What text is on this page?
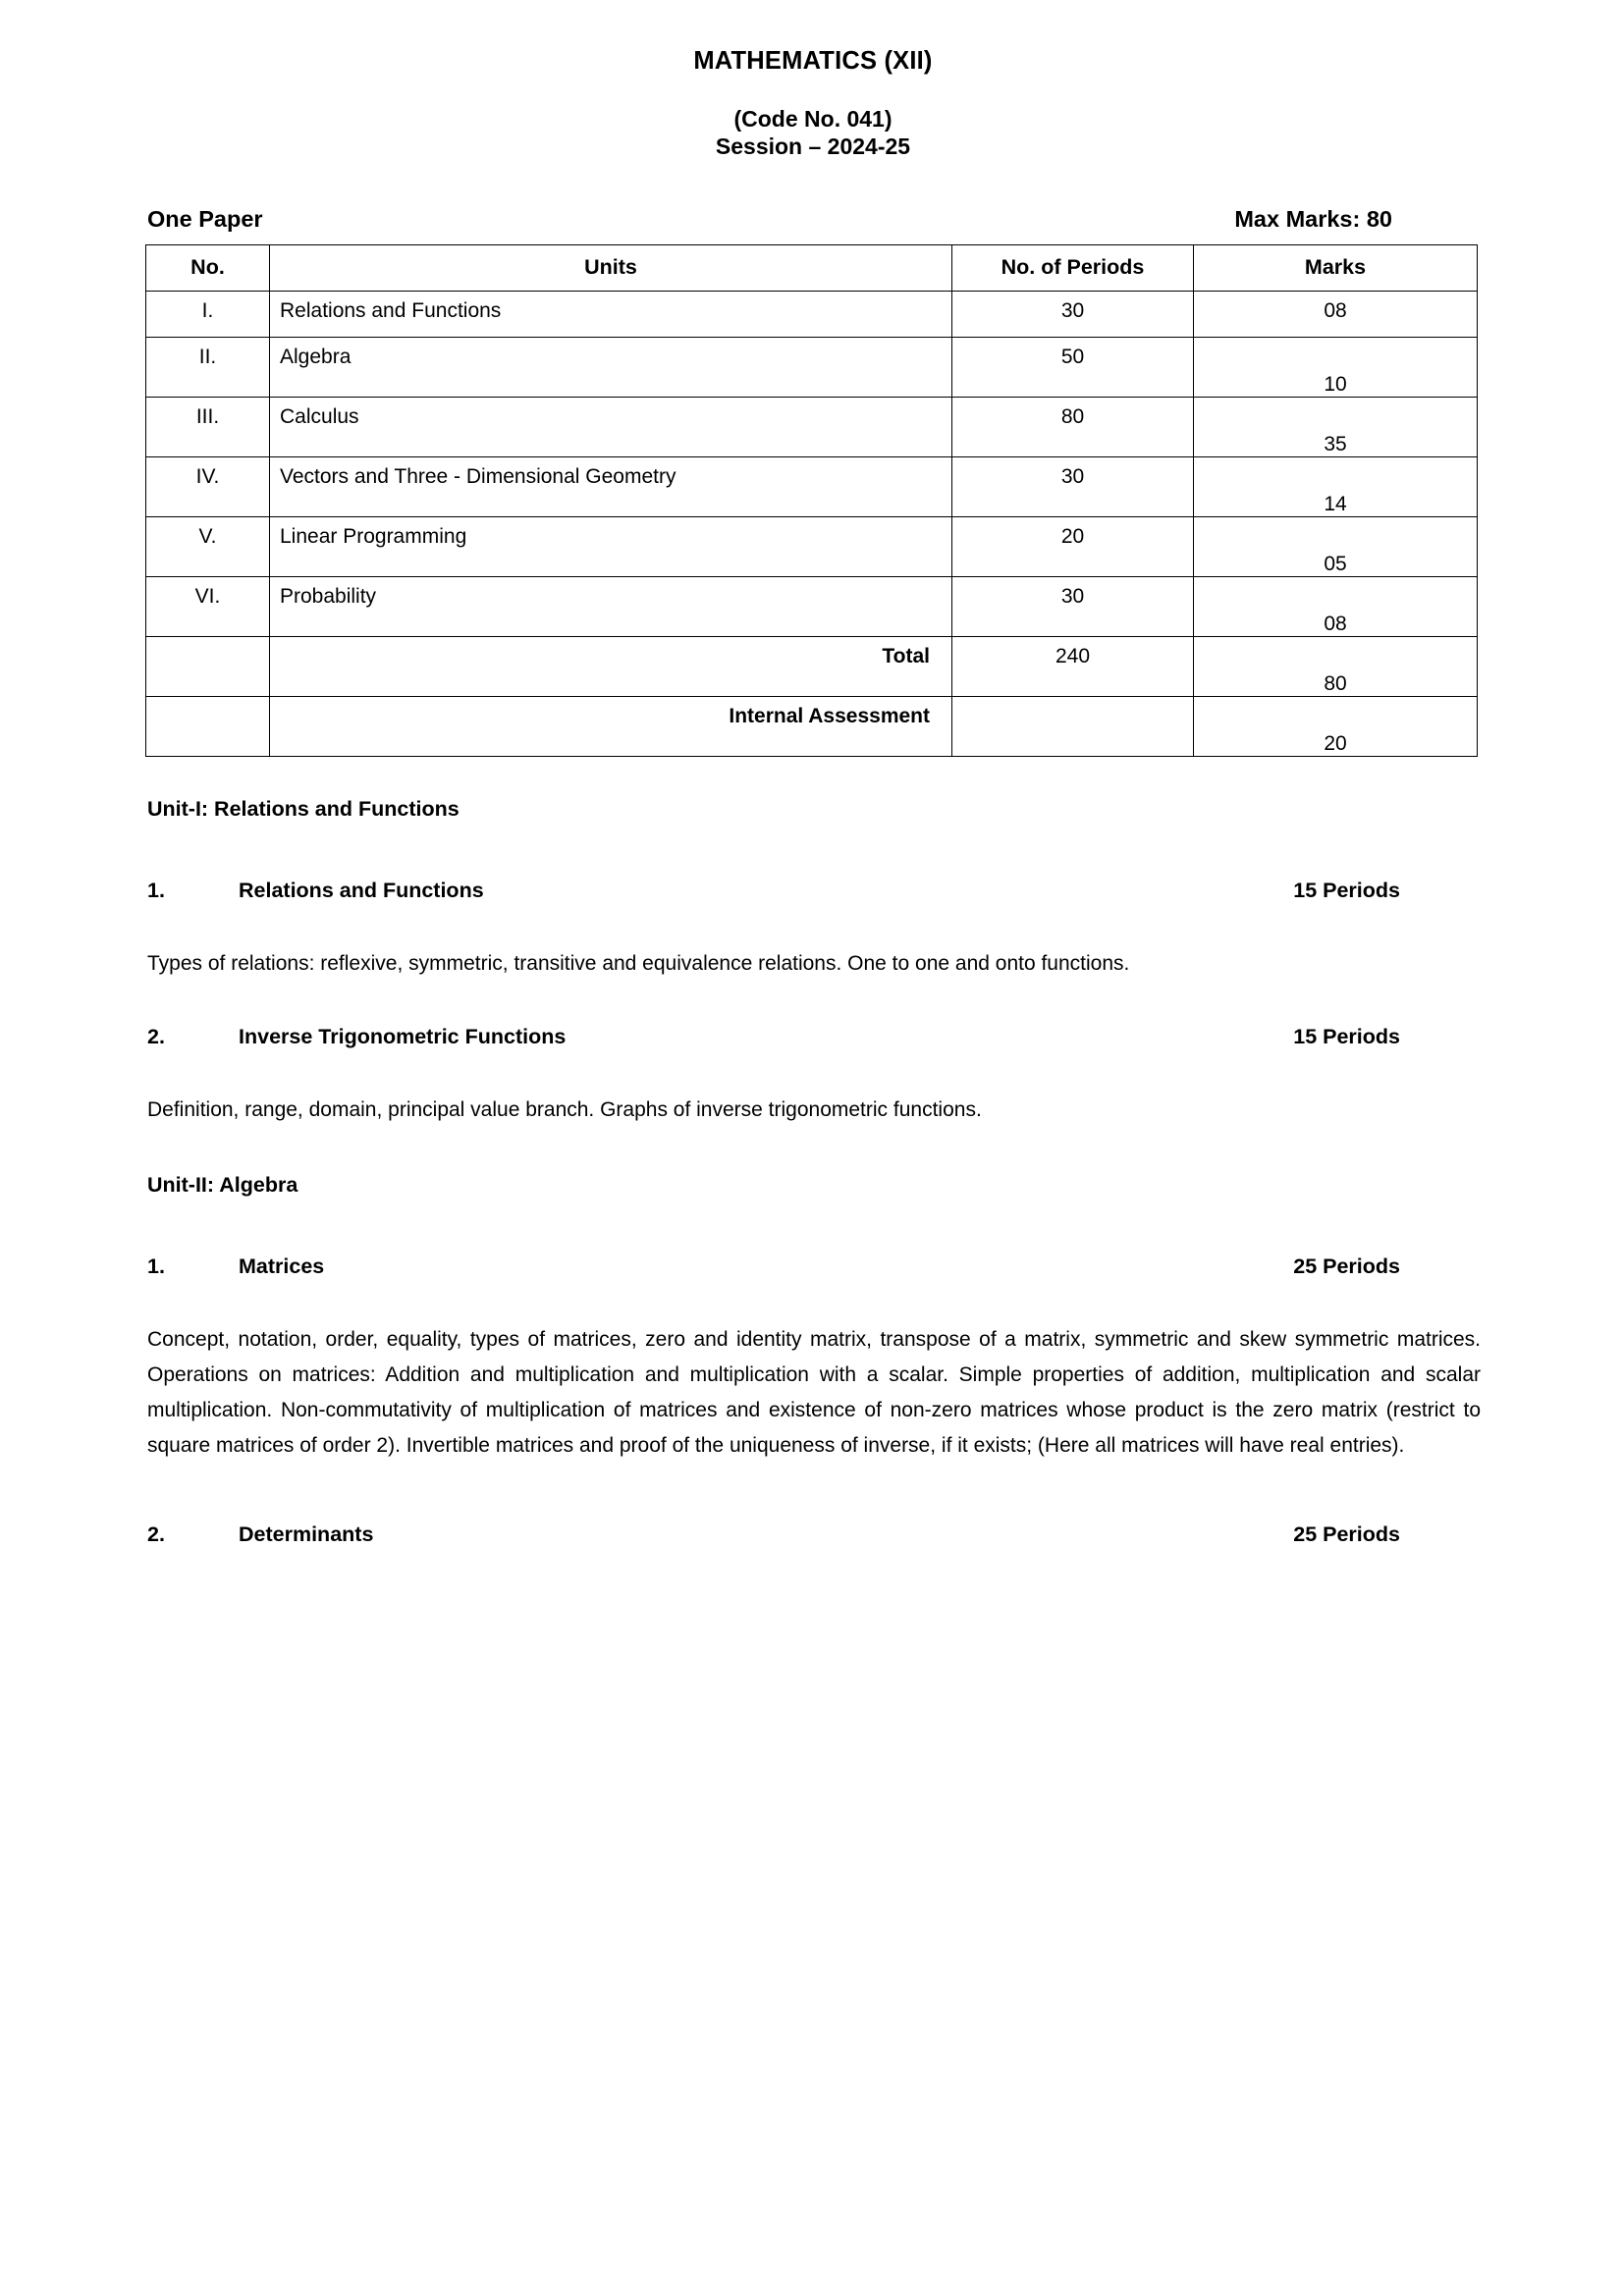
MATHEMATICS (XII)
(Code No. 041)
Session – 2024-25
One Paper	Max Marks: 80
No.	Units	No. of Periods	Marks

I.	Relations and Functions	30	08

II.	Algebra	50	10

III.	Calculus	80	35

IV.	Vectors and Three - Dimensional Geometry	30	14

V.	Linear Programming	20	05

VI.	Probability	30	08

	Total	240	80

	Internal Assessment		20
Unit-I: Relations and Functions
1.	Relations and Functions	15 Periods

Types of relations: reflexive, symmetric, transitive and equivalence relations. One to one and onto functions.

2.	Inverse Trigonometric Functions	15 Periods

Definition, range, domain, principal value branch. Graphs of inverse trigonometric functions.

Unit-II: Algebra
1.	Matrices	25 Periods

Concept, notation, order, equality, types of matrices, zero and identity matrix, transpose of a matrix, symmetric and skew symmetric matrices. Operations on matrices: Addition and multiplication and multiplication with a scalar. Simple properties of addition, multiplication and scalar multiplication. Non-commutativity of multiplication of matrices and existence of non-zero matrices whose product is the zero matrix (restrict to square matrices of order 2). Invertible matrices and proof of the uniqueness of inverse, if it exists; (Here all matrices will have real entries).

2.	Determinants	25 Periods
